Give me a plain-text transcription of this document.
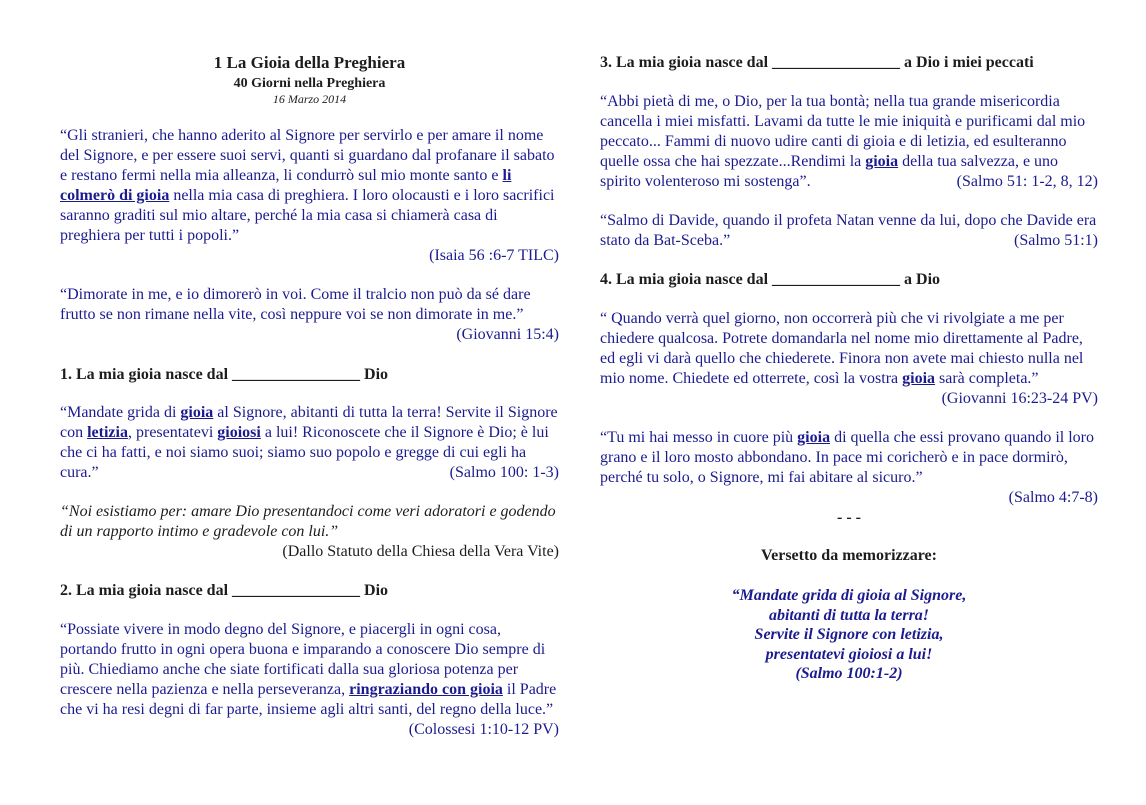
1 La Gioia della Preghiera
40 Giorni nella Preghiera
16 Marzo 2014

“Gli stranieri, che hanno aderito al Signore per servirlo e per amare il nome del Signore, e per essere suoi servi, quanti si guardano dal profanare il sabato e restano fermi nella mia alleanza, li condurrò sul mio monte santo e li colmerò di gioia nella mia casa di preghiera. I loro olocausti e i loro sacrifici saranno graditi sul mio altare, perché la mia casa si chiamerà casa di preghiera per tutti i popoli.”
(Isaia 56 :6-7 TILC)

“Dimorate in me, e io dimorerò in voi. Come il tralcio non può da sé dare frutto se non rimane nella vite, così neppure voi se non dimorate in me.”
(Giovanni 15:4)

1. La mia gioia nasce dal ________________ Dio

“Mandate grida di gioia al Signore, abitanti di tutta la terra! Servite il Signore con letizia, presentatevi gioiosi a lui! Riconoscete che il Signore è Dio; è lui che ci ha fatti, e noi siamo suoi; siamo suo popolo e gregge di cui egli ha cura.”	(Salmo 100: 1-3)

“Noi esistiamo per: amare Dio presentandoci come veri adoratori e godendo di un rapporto intimo e gradevole con lui.”
(Dallo Statuto della Chiesa della Vera Vite)

2. La mia gioia nasce dal ________________ Dio

“Possiate vivere in modo degno del Signore, e piacergli in ogni cosa, portando frutto in ogni opera buona e imparando a conoscere Dio sempre di più. Chiediamo anche che siate fortificati dalla sua gloriosa potenza per crescere nella pazienza e nella perseveranza, ringraziando con gioia il Padre che vi ha resi degni di far parte, insieme agli altri santi, del regno della luce.”
(Colossesi 1:10-12 PV)

3. La mia gioia nasce dal ________________ a Dio i miei peccati

“Abbi pietà di me, o Dio, per la tua bontà; nella tua grande misericordia cancella i miei misfatti. Lavami da tutte le mie iniquità e purificami dal mio peccato... Fammi di nuovo udire canti di gioia e di letizia, ed esulteranno quelle ossa che hai spezzate...Rendimi la gioia della tua salvezza, e uno spirito volenteroso mi sostenga”.	(Salmo 51: 1-2, 8, 12)

“Salmo di Davide, quando il profeta Natan venne da lui, dopo che Davide era stato da Bat-Sceba.”	(Salmo 51:1)

4. La mia gioia nasce dal ________________ a Dio

“ Quando verrà quel giorno, non occorrerà più che vi rivolgiate a me per chiedere qualcosa. Potrete domandarla nel nome mio direttamente al Padre, ed egli vi darà quello che chiederete. Finora non avete mai chiesto nulla nel mio nome. Chiedete ed otterrete, così la vostra gioia sarà completa.”
(Giovanni 16:23-24 PV)

“Tu mi hai messo in cuore più gioia di quella che essi provano quando il loro grano e il loro mosto abbondano. In pace mi coricherò e in pace dormirò, perché tu solo, o Signore, mi fai abitare al sicuro.”
(Salmo 4:7-8)

- - -
Versetto da memorizzare:
“Mandate grida di gioia al Signore,
abitanti di tutta la terra!
Servite il Signore con letizia,
presentatevi gioiosi a lui!
(Salmo 100:1-2)
